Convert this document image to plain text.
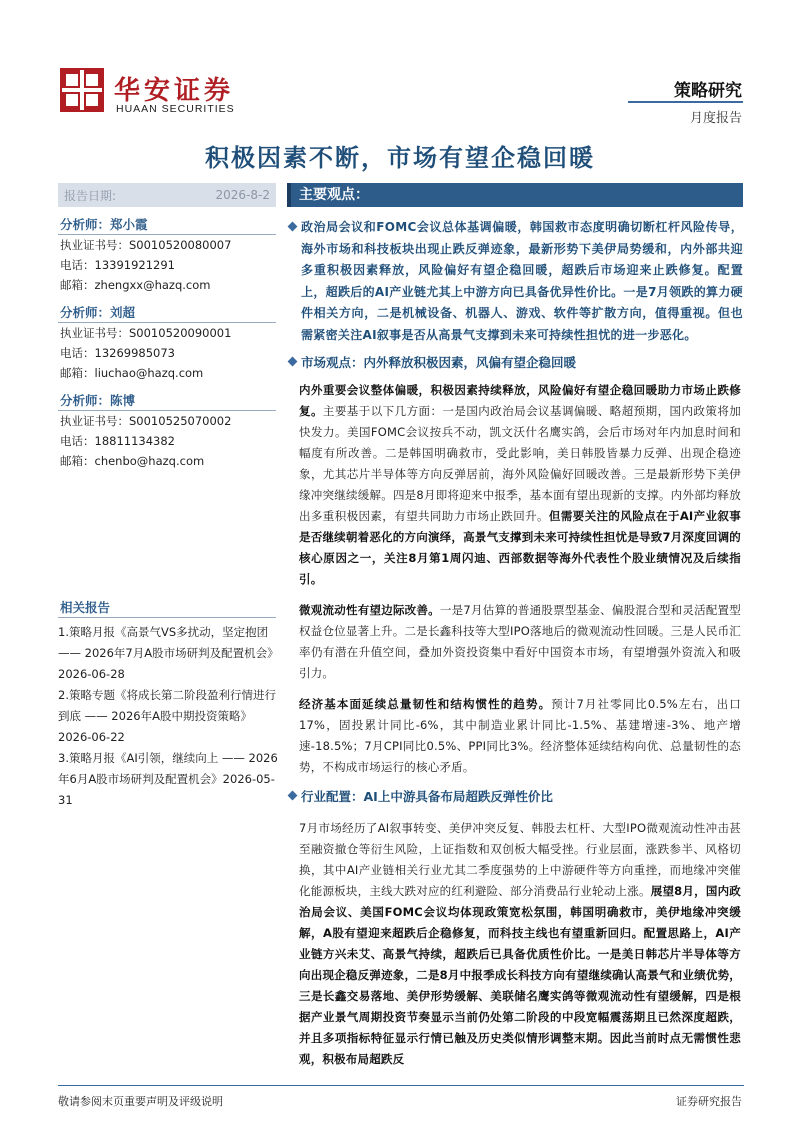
华安证券
HUAAN SECURITIES
策略研究
月度报告
积极因素不断，市场有望企稳回暖
报告日期:	2026-8-2
分析师：郑小霞
执业证书号：S0010520080007
电话：13391921291
邮箱：zhengxx@hazq.com
分析师：刘超
执业证书号：S0010520090001
电话：13269985073
邮箱：liuchao@hazq.com
分析师：陈博
执业证书号：S0010525070002
电话：18811134382
邮箱：chenbo@hazq.com
相关报告
1.策略月报《高景气VS多扰动，坚定抱团 —— 2026年7月A股市场研判及配置机会》2026-06-28
2.策略专题《将成长第二阶段盈利行情进行到底 —— 2026年A股中期投资策略》2026-06-22
3.策略月报《AI引领，继续向上 —— 2026年6月A股市场研判及配置机会》2026-05-31
主要观点：
政治局会议和FOMC会议总体基调偏暖，韩国救市态度明确切断杠杆风险传导，海外市场和科技板块出现止跌反弹迹象，最新形势下美伊局势缓和，内外部共迎多重积极因素释放，风险偏好有望企稳回暖，超跌后市场迎来止跌修复。配置上，超跌后的AI产业链尤其上中游方向已具备优异性价比。一是7月领跌的算力硬件相关方向，二是机械设备、机器人、游戏、软件等扩散方向，值得重视。但也需紧密关注AI叙事是否从高景气支撑到未来可持续性担忧的进一步恶化。
市场观点：内外释放积极因素，风偏有望企稳回暖
内外重要会议整体偏暖，积极因素持续释放，风险偏好有望企稳回暖助力市场止跌修复。主要基于以下几方面：一是国内政治局会议基调偏暖、略超预期，国内政策将加快发力。美国FOMC会议按兵不动，凯文沃什名鹰实鸽，会后市场对年内加息时间和幅度有所改善。二是韩国明确救市，受此影响，美日韩股皆暴力反弹、出现企稳迹象，尤其芯片半导体等方向反弹居前，海外风险偏好回暖改善。三是最新形势下美伊缘冲突继续缓解。四是8月即将迎来中报季，基本面有望出现新的支撑。内外部均释放出多重积极因素，有望共同助力市场止跌回升。但需要关注的风险点在于AI产业叙事是否继续朝着恶化的方向演绎，高景气支撑到未来可持续性担忧是导致7月深度回调的核心原因之一，关注8月第1周闪迪、西部数据等海外代表性个股业绩情况及后续指引。
微观流动性有望边际改善。一是7月估算的普通股票型基金、偏股混合型和灵活配置型权益仓位显著上升。二是长鑫科技等大型IPO落地后的微观流动性回暖。三是人民币汇率仍有潜在升值空间，叠加外资投资集中看好中国资本市场，有望增强外资流入和吸引力。
经济基本面延续总量韧性和结构惯性的趋势。预计7月社零同比0.5%左右，出口17%，固投累计同比-6%，其中制造业累计同比-1.5%、基建增速-3%、地产增速-18.5%；7月CPI同比0.5%、PPI同比3%。经济整体延续结构向优、总量韧性的态势，不构成市场运行的核心矛盾。
行业配置：AI上中游具备布局超跌反弹性价比
7月市场经历了AI叙事转变、美伊冲突反复、韩股去杠杆、大型IPO微观流动性冲击甚至融资撤仓等衍生风险，上证指数和双创板大幅受挫。行业层面，涨跌参半、风格切换，其中AI产业链相关行业尤其二季度强势的上中游硬件等方向重挫，而地缘冲突催化能源板块，主线大跌对应的红利避险、部分消费品行业轮动上涨。展望8月，国内政治局会议、美国FOMC会议均体现政策宽松氛围，韩国明确救市，美伊地缘冲突缓解，A股有望迎来超跌后企稳修复，而科技主线也有望重新回归。配置思路上，AI产业链方兴未艾、高景气持续，超跌后已具备优质性价比。一是美日韩芯片半导体等方向出现企稳反弹迹象，二是8月中报季成长科技方向有望继续确认高景气和业绩优势，三是长鑫交易落地、美伊形势缓解、美联储名鹰实鸽等微观流动性有望缓解，四是根据产业景气周期投资节奏显示当前仍处第二阶段的中段宽幅震荡期且已然深度超跌，并且多项指标特征显示行情已触及历史类似情形调整末期。因此当前时点无需惯性悲观，积极布局超跌反
敬请参阅末页重要声明及评级说明	证券研究报告
